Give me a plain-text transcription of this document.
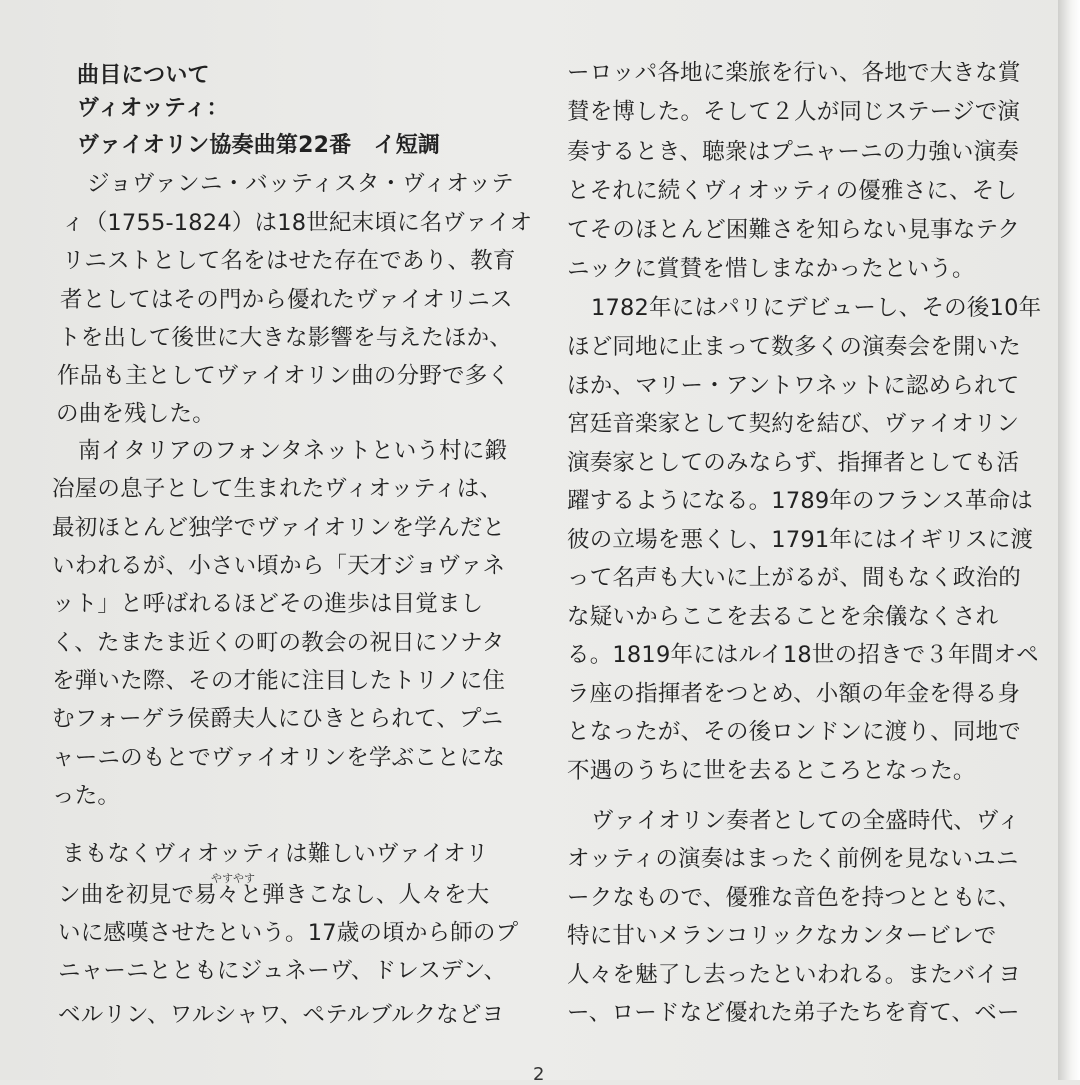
曲目について
ヴィオッティ：
ヴァイオリン協奏曲第22番　イ短調
ジョヴァンニ・バッティスタ・ヴィオッテ
ィ（1755-1824）は18世紀末頃に名ヴァイオ
リニストとして名をはせた存在であり、教育
者としてはその門から優れたヴァイオリニス
トを出して後世に大きな影響を与えたほか、
作品も主としてヴァイオリン曲の分野で多く
の曲を残した。
南イタリアのフォンタネットという村に鍛
冶屋の息子として生まれたヴィオッティは、
最初ほとんど独学でヴァイオリンを学んだと
いわれるが、小さい頃から「天才ジョヴァネ
ット」と呼ばれるほどその進歩は目覚まし
く、たまたま近くの町の教会の祝日にソナタ
を弾いた際、その才能に注目したトリノに住
むフォーゲラ侯爵夫人にひきとられて、プニ
ャーニのもとでヴァイオリンを学ぶことにな
った。
まもなくヴィオッティは難しいヴァイオリ
やすやす
ン曲を初見で易々と弾きこなし、人々を大
いに感嘆させたという。17歳の頃から師のプ
ニャーニとともにジュネーヴ、ドレスデン、
ベルリン、ワルシャワ、ペテルブルクなどヨ
ーロッパ各地に楽旅を行い、各地で大きな賞
賛を博した。そして２人が同じステージで演
奏するとき、聴衆はプニャーニの力強い演奏
とそれに続くヴィオッティの優雅さに、そし
てそのほとんど困難さを知らない見事なテク
ニックに賞賛を惜しまなかったという。
1782年にはパリにデビューし、その後10年
ほど同地に止まって数多くの演奏会を開いた
ほか、マリー・アントワネットに認められて
宮廷音楽家として契約を結び、ヴァイオリン
演奏家としてのみならず、指揮者としても活
躍するようになる。1789年のフランス革命は
彼の立場を悪くし、1791年にはイギリスに渡
って名声も大いに上がるが、間もなく政治的
な疑いからここを去ることを余儀なくされ
る。1819年にはルイ18世の招きで３年間オペ
ラ座の指揮者をつとめ、小額の年金を得る身
となったが、その後ロンドンに渡り、同地で
不遇のうちに世を去るところとなった。
ヴァイオリン奏者としての全盛時代、ヴィ
オッティの演奏はまったく前例を見ないユニ
ークなもので、優雅な音色を持つとともに、
特に甘いメランコリックなカンタービレで
人々を魅了し去ったといわれる。またバイヨ
ー、ロードなど優れた弟子たちを育て、ベー
2
